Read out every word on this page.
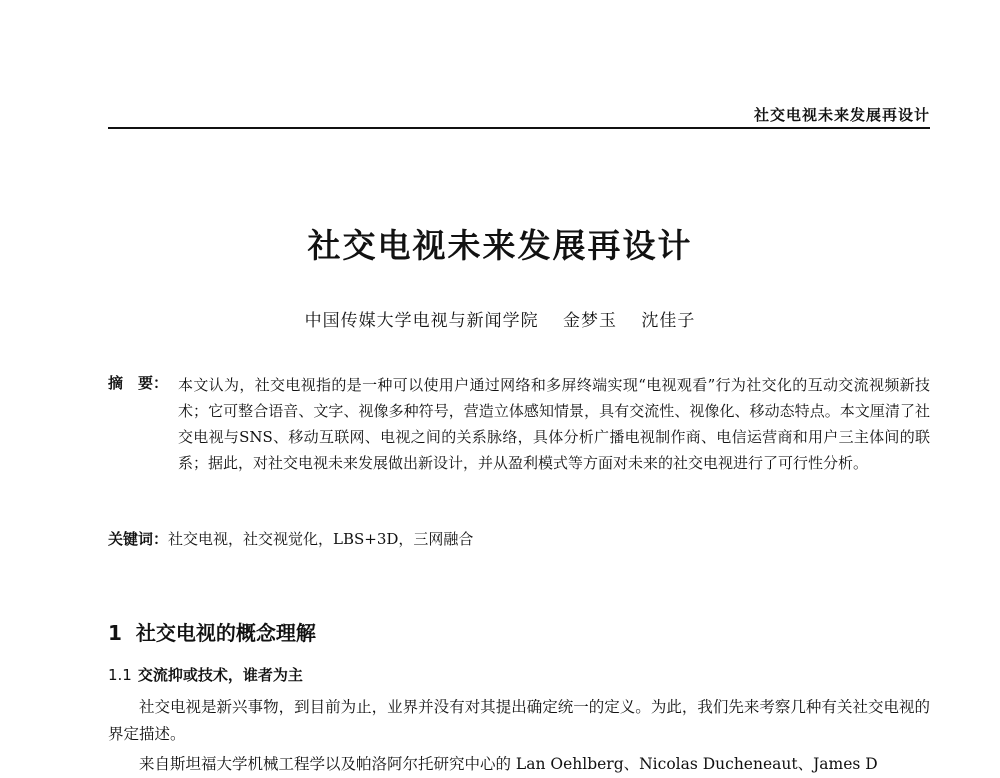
社交电视未来发展再设计
社交电视未来发展再设计
中国传媒大学电视与新闻学院 金梦玉 沈佳子
摘　要： 本文认为，社交电视指的是一种可以使用户通过网络和多屏终端实现“电视观看”行为社交化的互动交流视频新技术；它可整合语音、文字、视像多种符号，营造立体感知情景，具有交流性、视像化、移动态特点。本文厘清了社交电视与SNS、移动互联网、电视之间的关系脉络，具体分析广播电视制作商、电信运营商和用户三主体间的联系；据此，对社交电视未来发展做出新设计，并从盈利模式等方面对未来的社交电视进行了可行性分析。
关键词：社交电视，社交视觉化，LBS+3D，三网融合
1 社交电视的概念理解
1.1 交流抑或技术，谁者为主

社交电视是新兴事物，到目前为止，业界并没有对其提出确定统一的定义。为此，我们先来考察几种有关社交电视的界定描述。

来自斯坦福大学机械工程学以及帕洛阿尔托研究中心的 Lan Oehlberg、Nicolas Ducheneaut、James D
